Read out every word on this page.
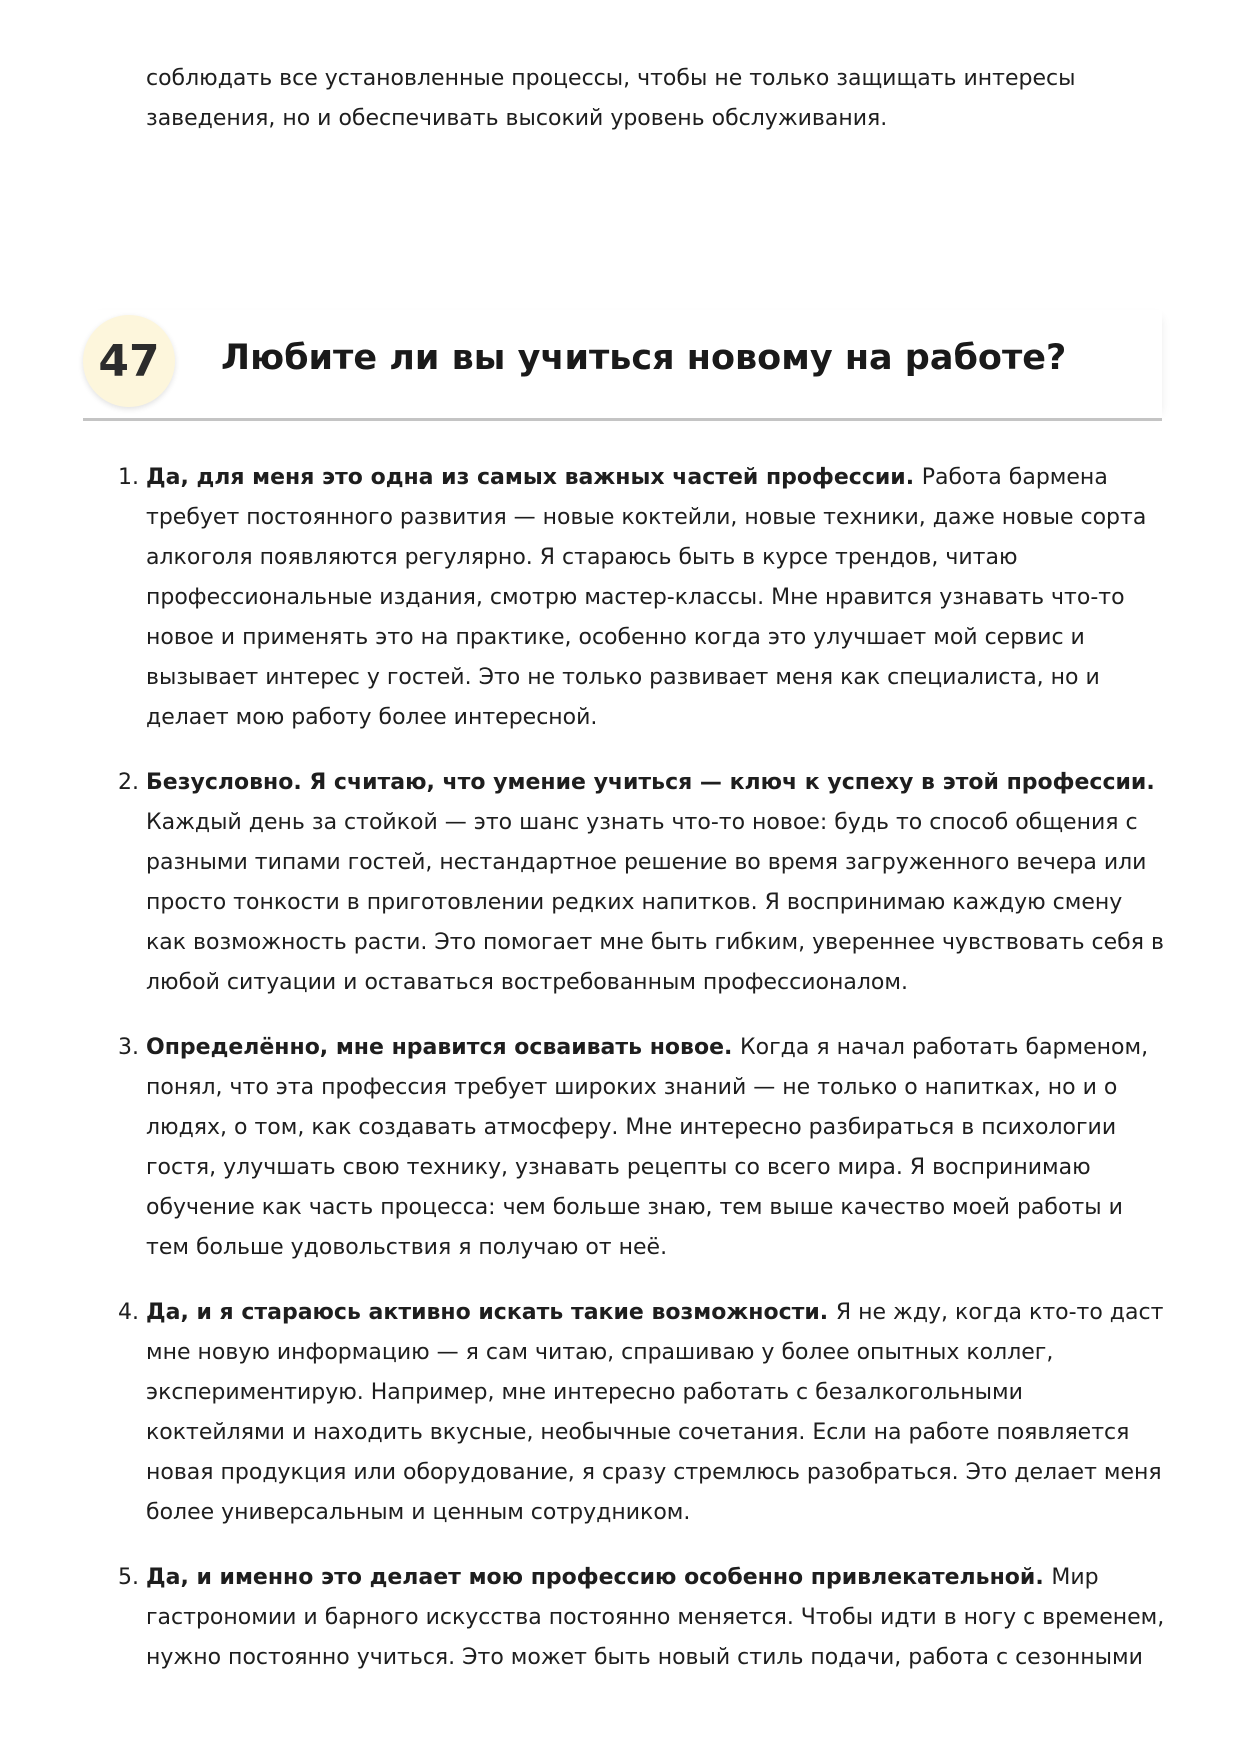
соблюдать все установленные процессы, чтобы не только защищать интересы заведения, но и обеспечивать высокий уровень обслуживания.

47	Любите ли вы учиться новому на работе?
1. Да, для меня это одна из самых важных частей профессии. Работа бармена требует постоянного развития — новые коктейли, новые техники, даже новые сорта алкоголя появляются регулярно. Я стараюсь быть в курсе трендов, читаю профессиональные издания, смотрю мастер-классы. Мне нравится узнавать что-то новое и применять это на практике, особенно когда это улучшает мой сервис и вызывает интерес у гостей. Это не только развивает меня как специалиста, но и делает мою работу более интересной.
2. Безусловно. Я считаю, что умение учиться — ключ к успеху в этой профессии. Каждый день за стойкой — это шанс узнать что-то новое: будь то способ общения с разными типами гостей, нестандартное решение во время загруженного вечера или просто тонкости в приготовлении редких напитков. Я воспринимаю каждую смену как возможность расти. Это помогает мне быть гибким, увереннее чувствовать себя в любой ситуации и оставаться востребованным профессионалом.
3. Определённо, мне нравится осваивать новое. Когда я начал работать барменом, понял, что эта профессия требует широких знаний — не только о напитках, но и о людях, о том, как создавать атмосферу. Мне интересно разбираться в психологии гостя, улучшать свою технику, узнавать рецепты со всего мира. Я воспринимаю обучение как часть процесса: чем больше знаю, тем выше качество моей работы и тем больше удовольствия я получаю от неё.
4. Да, и я стараюсь активно искать такие возможности. Я не жду, когда кто-то даст мне новую информацию — я сам читаю, спрашиваю у более опытных коллег, экспериментирую. Например, мне интересно работать с безалкогольными коктейлями и находить вкусные, необычные сочетания. Если на работе появляется новая продукция или оборудование, я сразу стремлюсь разобраться. Это делает меня более универсальным и ценным сотрудником.
5. Да, и именно это делает мою профессию особенно привлекательной. Мир гастрономии и барного искусства постоянно меняется. Чтобы идти в ногу с временем, нужно постоянно учиться. Это может быть новый стиль подачи, работа с сезонными
